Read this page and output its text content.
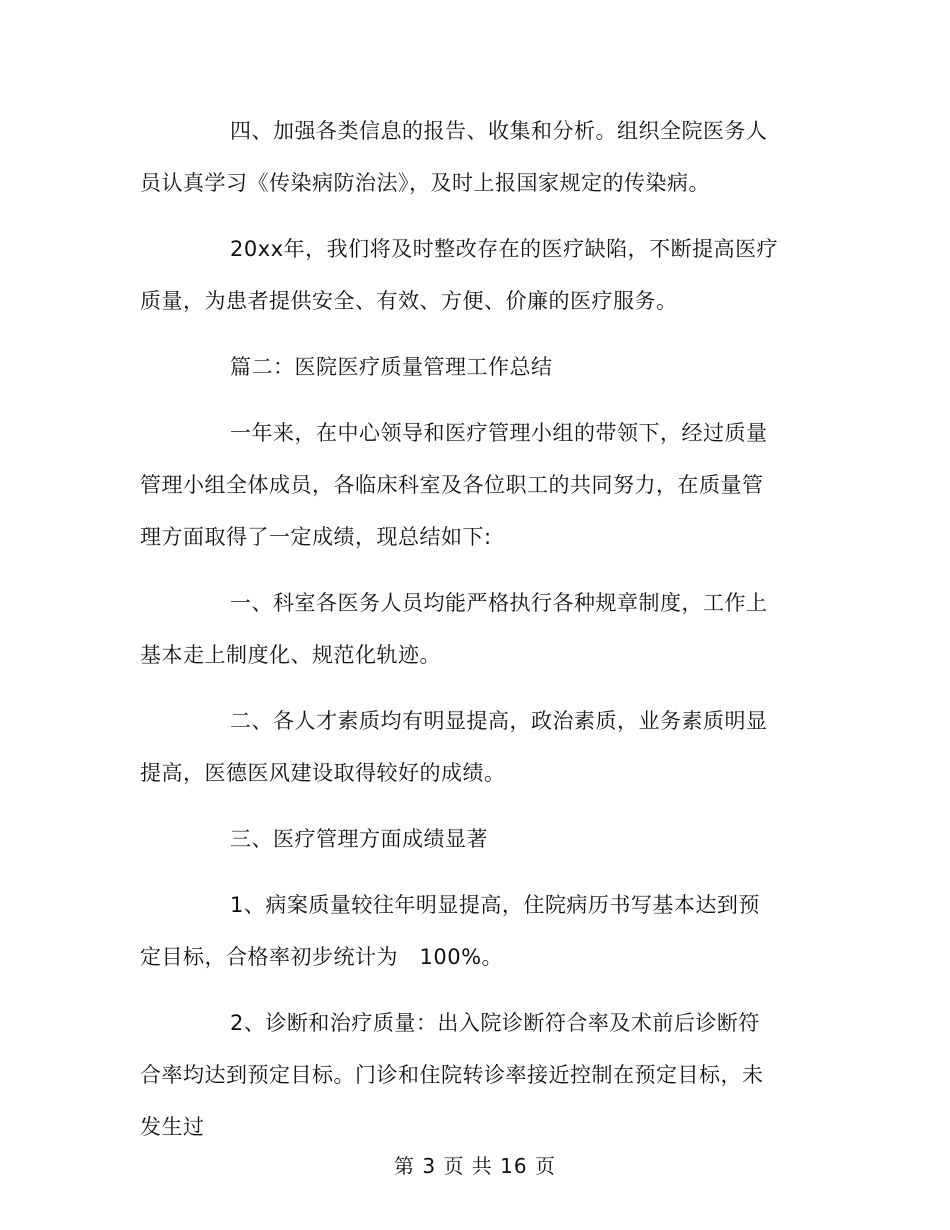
四、加强各类信息的报告、收集和分析。组织全院医务人员认真学习《传染病防治法》，及时上报国家规定的传染病。

20xx年，我们将及时整改存在的医疗缺陷，不断提高医疗质量，为患者提供安全、有效、方便、价廉的医疗服务。

篇二：医院医疗质量管理工作总结

一年来，在中心领导和医疗管理小组的带领下，经过质量管理小组全体成员，各临床科室及各位职工的共同努力，在质量管理方面取得了一定成绩，现总结如下:

一、科室各医务人员均能严格执行各种规章制度，工作上基本走上制度化、规范化轨迹。

二、各人才素质均有明显提高，政治素质，业务素质明显提高，医德医风建设取得较好的成绩。

三、医疗管理方面成绩显著

1、病案质量较往年明显提高，住院病历书写基本达到预定目标，合格率初步统计为　100%。

2、诊断和治疗质量：出入院诊断符合率及术前后诊断符合率均达到预定目标。门诊和住院转诊率接近控制在预定目标，未发生过

第 3 页 共 16 页
